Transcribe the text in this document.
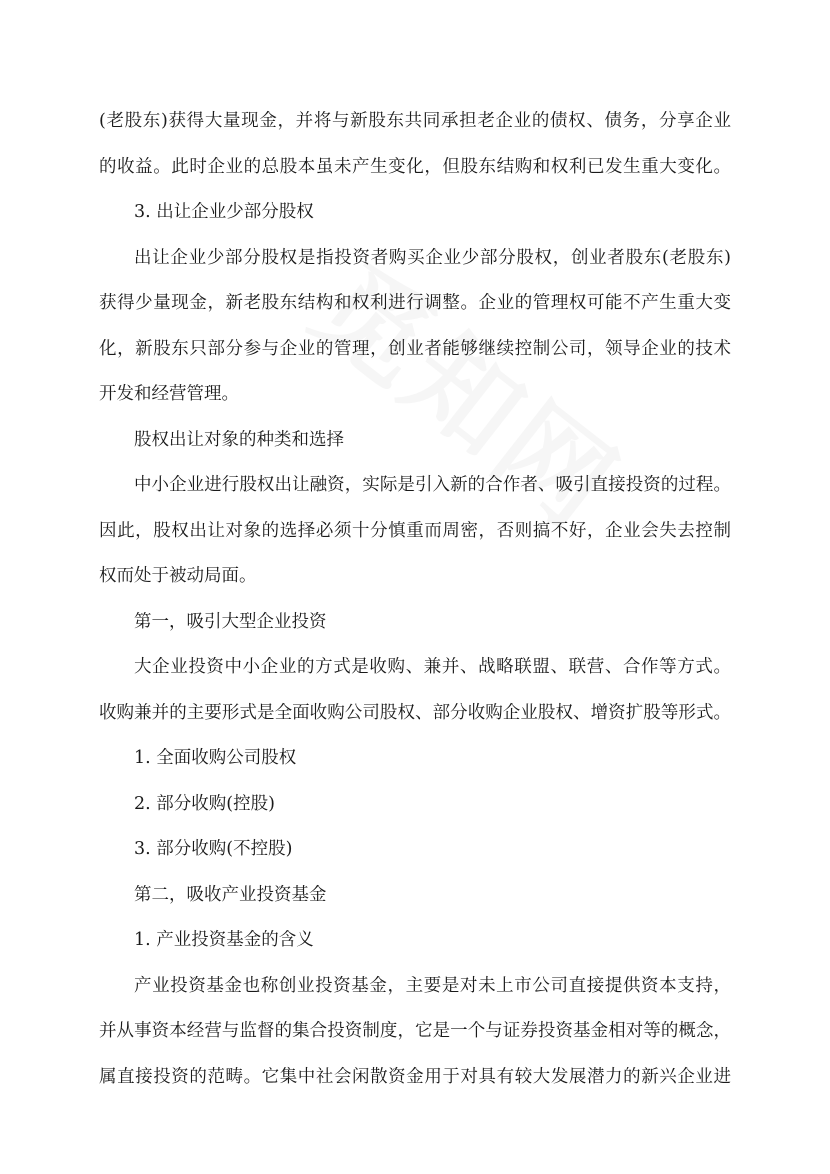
(老股东)获得大量现金，并将与新股东共同承担老企业的债权、债务，分享企业
的收益。此时企业的总股本虽未产生变化，但股东结购和权利已发生重大变化。
3. 出让企业少部分股权
出让企业少部分股权是指投资者购买企业少部分股权，创业者股东(老股东)
获得少量现金，新老股东结构和权利进行调整。企业的管理权可能不产生重大变
化，新股东只部分参与企业的管理，创业者能够继续控制公司，领导企业的技术
开发和经营管理。
股权出让对象的种类和选择
中小企业进行股权出让融资，实际是引入新的合作者、吸引直接投资的过程。
因此，股权出让对象的选择必须十分慎重而周密，否则搞不好，企业会失去控制
权而处于被动局面。
第一，吸引大型企业投资
大企业投资中小企业的方式是收购、兼并、战略联盟、联营、合作等方式。
收购兼并的主要形式是全面收购公司股权、部分收购企业股权、增资扩股等形式。
1. 全面收购公司股权
2. 部分收购(控股)
3. 部分收购(不控股)
第二，吸收产业投资基金
1. 产业投资基金的含义
产业投资基金也称创业投资基金，主要是对未上市公司直接提供资本支持，
并从事资本经营与监督的集合投资制度，它是一个与证券投资基金相对等的概念，
属直接投资的范畴。它集中社会闲散资金用于对具有较大发展潜力的新兴企业进
